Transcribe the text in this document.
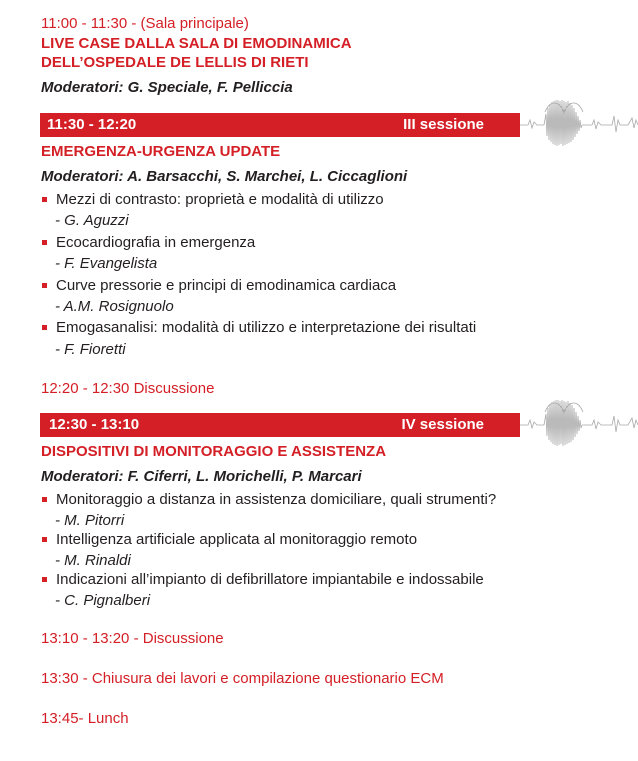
11:00 - 11:30 - (Sala principale)
LIVE CASE DALLA SALA DI EMODINAMICA
DELL’OSPEDALE DE LELLIS DI RIETI
Moderatori: G. Speciale, F. Pelliccia
11:30 - 12:20	III sessione
EMERGENZA-URGENZA UPDATE
Moderatori: A. Barsacchi, S. Marchei, L. Ciccaglioni
Mezzi di contrasto: proprietà e modalità di utilizzo
- G. Aguzzi
Ecocardiografia in emergenza
- F. Evangelista
Curve pressorie e principi di emodinamica cardiaca
- A.M. Rosignuolo
Emogasanalisi: modalità di utilizzo e interpretazione dei risultati
- F. Fioretti
12:20 - 12:30 Discussione
12:30 - 13:10	IV sessione
DISPOSITIVI DI MONITORAGGIO E ASSISTENZA
Moderatori: F. Ciferri, L. Morichelli, P. Marcari
Monitoraggio a distanza in assistenza domiciliare, quali strumenti?
- M. Pitorri
Intelligenza artificiale applicata al monitoraggio remoto
- M. Rinaldi
Indicazioni all’impianto di defibrillatore impiantabile e indossabile
- C. Pignalberi
13:10 - 13:20 - Discussione
13:30 - Chiusura dei lavori e compilazione questionario ECM
13:45- Lunch
